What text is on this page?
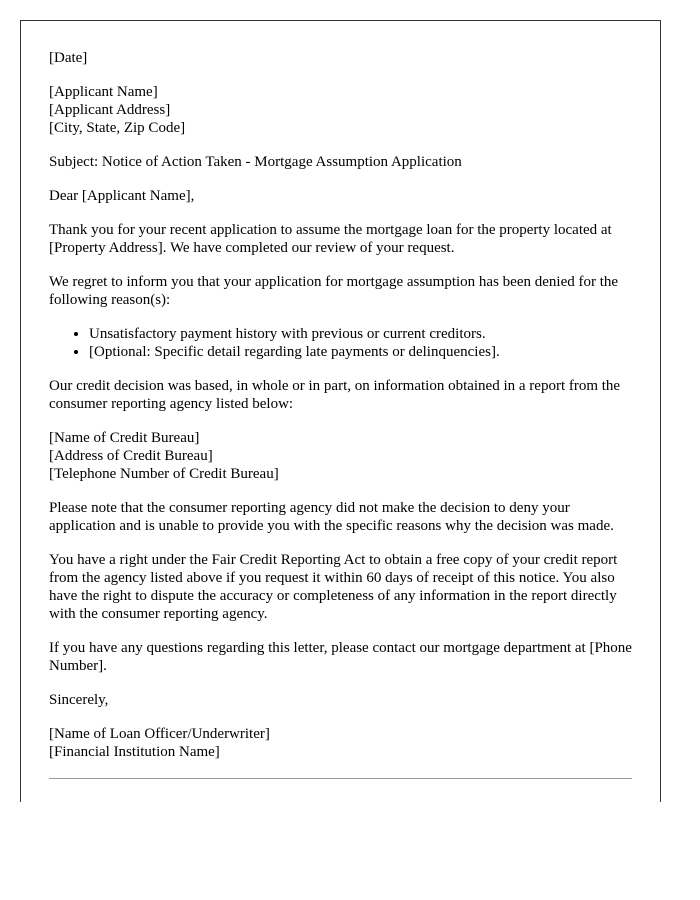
[Date]

[Applicant Name]
[Applicant Address]
[City, State, Zip Code]

Subject: Notice of Action Taken - Mortgage Assumption Application

Dear [Applicant Name],

Thank you for your recent application to assume the mortgage loan for the property located at [Property Address]. We have completed our review of your request.

We regret to inform you that your application for mortgage assumption has been denied for the following reason(s):

• Unsatisfactory payment history with previous or current creditors.
• [Optional: Specific detail regarding late payments or delinquencies].

Our credit decision was based, in whole or in part, on information obtained in a report from the consumer reporting agency listed below:

[Name of Credit Bureau]
[Address of Credit Bureau]
[Telephone Number of Credit Bureau]

Please note that the consumer reporting agency did not make the decision to deny your application and is unable to provide you with the specific reasons why the decision was made.

You have a right under the Fair Credit Reporting Act to obtain a free copy of your credit report from the agency listed above if you request it within 60 days of receipt of this notice. You also have the right to dispute the accuracy or completeness of any information in the report directly with the consumer reporting agency.

If you have any questions regarding this letter, please contact our mortgage department at [Phone Number].

Sincerely,

[Name of Loan Officer/Underwriter]
[Financial Institution Name]
